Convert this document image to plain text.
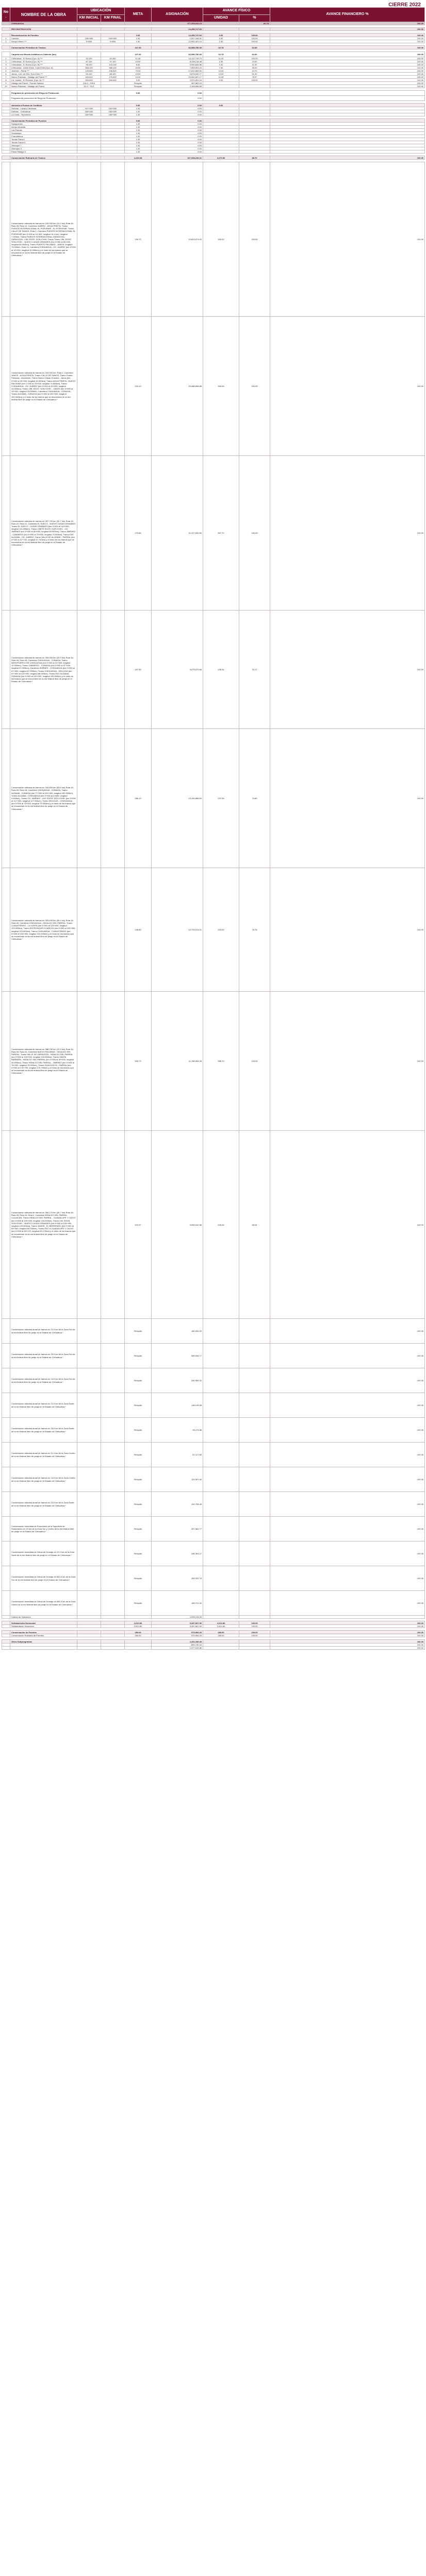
CIERRE 2022
No.	NOMBRE DE LA OBRA	UBICACIÓN		META	ASIGNACIÓN	AVANCE FÍSICO		AVANCE FINANCIERO %
		KM INICIAL	KM FINAL			UNIDAD	%	
	CHIHUAHUA				377,055,044.15		89.78	100.00

	RECONSTRUCCIÓN				14,459,747.60			100.00

	Reconstrucción de Puentes			2.00	14,459,747.60	2.00	100.00	100.00
1	Carichic	199+000	199+000	1.00	1,507,346.51	1.00	100.00	100.00
2	Arroyo Hierro ***	9+800	9+800	1.00	12,952,401.10	1.00	100.00	100.00

	Conservación Periódica de Tramos			107.40	82,989,780.39	62.78	64.40	100.00

	Carpeta con Mezcla Asfáltica en Caliente (km)			107.40	82,989,780.39	62.78	64.40	100.00
1	Chihuahua - El Sueco (Cpo. A) ***	32.100	40.400	11.40	14,112,749.73	11.40	100.00	100.00
2	Chihuahua - El Sueco (Cpo. B) ***	87.100	97.100	10.00	8,438,218.48	2.30	23.00	100.00
3	Chihuahua - El Sueco (Cpo. B) ***	98.100	103.100	8.00	3,990,849.88	1.00	11.00	100.00
4	Chihuahua - Limite Edos. Coah/Chih (Cpo. A)	368.100	388.100	20.00	7,658,603.23	7.00	35.00	100.00
5	Jiménez - Parral ***	125.500	198.500	73.00	17,812,869.50	10.00	13.70	100.00
6	Janos - Lim. de Edo. Son./Chih.***	69.100	88.100	19.50	5,878,830.77	10.00	51.30	100.00
7	Nuevo Palomas - Hidalgo del Parral ***	163.000	175.000	10.00	20,062,897.17	11.08	78.97	100.00
8	Cd. Juárez - El Porvenir (Cpo. A) ***	269.000	269.000	9.00	2,971,601.24	9.00	100.00	100.00
9	Hidalgo del Parral - Puente Salomé	218.0 - 209.0		Finiquito	987,883.23			100.00
10	Nuevo Palomas - Hidalgo del Parral	61.0 - 76.0		Finiquito	2,165,896.85			100.00

	Programa de prevención de Riego de Protección			0.00	0.00			
	Programa de prevención de Riego de Protección				0.00			

	Atención a Puntos de Conflicto			0.00	0.00	0.00		
	Delicias - Lázaro Cárdenas	107+000	152+000	1.00	0.00			
	Delicias - Chihuahua	165+000	165+000	1.00	0.00			
	La Junta - Yepomera	165+000	165+000	1.00	0.00			

	Conservación Periódica de Puentes			9.00	0.00			
	Salsipuedes			1.00	0.00			
	Arroyo Alcaldía			1.00	0.00			
	Las Palmas			1.00	0.00			
	Guadalupe			1.00	0.00			
	Cuauhtémoc			1.00	0.00			
	Tomas Garza I			1.00	0.00			
	Tomas Garza II			1.00	0.00			
	Obenque I			1.00	0.00			
	Obenque II			1.00	0.00			
	Palos Hidalgo II			1.00	0.00			

	Conservación Rutinaria de Tramos			2,220.08	107,058,236.01	2,270.50	88.70	100.00

	Conservación rutinaria de tramos en 100.000 km (12.0 km) Ruta 16; Ruta 45; Ruta 12, Carretera JUÁREZ - AGUA PRIETA, Tramo PUENTE INTERNACIONAL EL PORVENIR - EL PORVENIR, Tramo CALLE DE SANOS; Ruta 2, Carretera PUENTE INTERNACIONAL EL PORVENIR (km 0+000 al 14+400, longitud 14.4 km), longitud 7.000km, Tramo PUENTE INTERNACIONAL ZARAGOZA, ZARAGOZA - LÍM. EDOS. SON./CHIH. Tramo Tramo LÍM. EDOS. SON./CHIH. - NUEVO CASAS GRANDES (km 0+000 al 80+000, longitud 80.000km), Tramo PUERTO PALOMAS - JANOS, longitud 79.000km. Ruta 10, Carretera CHIHUAHUA - CD. JUAREZ (km 0+000 al 10+000, longitud 10.000km) y el resto de los tramos que se encuentran en la red federal libre de peaje en el Estado de Chihuahua.*			155.70	10,603,879.00	300.00	100.00	100.00
	Conservación rutinaria de tramos en 310.000 km; Ruta 2, Carretera JANOS - AGUA PRIETA, Tramo CALLE DE SANOS, Tramo Puerto Palomas - Ascensión, Tramo Nuevo Casas Grandes - Janos (km 0+000 al 40+000, longitud 40.000km), Tramo AGUA PRIETA - NUEVO PALOMAS (km 1+200 al 76+000, longitud 74.800km), Tramo CHIHUAHUA - CD. JUÁREZ (km 0+000 al 43+000, longitud 43.000km), Tramo LÍM. EDOS. SON./CHIH. - JANOS (km 0+000 al 15+000, longitud 15.000km), Carretera CHIHUAHUA - OJINAGA, Tramo ALDAMA - OJINAGA (km 0+000 al 151+000, longitud 151.000km) y el resto de los tramos que se encuentran en la red federal libre de peaje en el Estado de Chihuahua.*			220.10	20,488,698.88	300.00	100.00	100.00
	Conservación rutinaria de tramos en 307.700 km (32.7 km) Ruta 16; Ruta 10; Ruta 12, Carretera EL SUECO - NUEVO CASAS GRANDES, Tramo EL SUECO - CASAS GRANDES (km 0+000 al 110+000, longitud 110.000km), Tramo LÍMITE EDOS. DUR./CHIH. - CD. JIMÉNEZ (km 0+000 al 80+000, longitud 80.000km), Tramo JIMÉNEZ - CAMARGO (km 0+000 al 70+000, longitud 70.000km), Tramo ENT. ALDAMA - CD. JUÁREZ, Tramo VALLE DE ALLENDE - PARRAL (km 0+000 al 47+700, longitud 47.700km) y el resto de los tramos que se encuentran en la red federal libre de peaje en el Estado de Chihuahua.*			270.66	11,227,630.50	307.70	100.00	100.00
	Conservación rutinaria de tramos en 300.000 km (22.0 km) Ruta 16; Ruta 45; Ruta 49, Carretera CHIHUAHUA - OJINAGA, Tramo AEROPUERTO DE CHIHUAHUA (km 0+000 al 10+000, longitud 10.000km), Tramo CAMARGO - OJINAGA (km 0+000 al 57+000, longitud 57.000km), Carretera JIMÉNEZ - CHIHUAHUA (km 0+000 al 67+000, longitud 67.000km), Tramo CHIHUAHUA - DELICIAS (km 67+000 al 133+000, longitud 66.000km), Tramo ENT. ALDAMA - OJINAGA (km 0+000 al 100+000, longitud 100.000km) y el resto de los tramos que se encuentran en la red federal libre de peaje en el Estado de Chihuahua.*			187.50	9,675,079.66	236.34	75.17	100.00
	Conservación rutinaria de tramos en 344.600 km (53.6 km) Ruta 16; Ruta 45; Ruta 16, Carretera CHIHUAHUA - OJINAGA, Tramo ALDAMA - OJINAGA (km 77+000 al 229+000, longitud 152.000km), Tramo ALDAMA - CHIHUAHUA (km 0+000 al 0+600, longitud 0.600km), Tramo CD. JIMÉNEZ - LIM. EDOS. DGO./CHIH. (km 0+000 al 117+000, longitud 117.000km), Tramo DELICIAS - CHIHUAHUA (km 0+000 al 75+000, longitud 75.000km) y el resto de los tramos que se encuentran en la red federal libre de peaje en el Estado de Chihuahua.*			286.10	13,194,886.84	237.00	74.69	100.00
	Conservación rutinaria de tramos en 329.400 km (55.4 km) Ruta 16; Ruta 45, Carretera CHIHUAHUA - HIDALGO DEL PARRAL, Tramo CUAUHTÉMOC - LA JUNTA (km 0+000 al 123+000, longitud 123.000km), Tramo ENTRONQUE A CARICHI (km 0+000 al 103+000, longitud 103.000km), Tramo CHIHUAHUA - CUAUHTÉMOC (km 0+000 al 103+400, longitud 103.400km) y el resto de los tramos que se encuentran en la red federal libre de peaje en el Estado de Chihuahua.*			246.60	13,703,513.01	229.00	78.78	100.00
	Conservación rutinaria de tramos en 388.790 km (12.4 km) Ruta 16; Ruta 45; Ruta 24, Carretera NUEVO PALOMAS - HIDALGO DEL PARRAL, Tramo VALLE DE ZARAGOZA - HIDALGO DEL PARRAL (km 0+000 al 103+000, longitud 103.000km), Tramo SANTA BÁRBARA - HIDALGO DEL PARRAL (km 0+000 al 30+000, longitud 30.000km), Tramo HIDALGO DEL PARRAL - JIMÉNEZ (km 0+000 al 76+000, longitud 76.000km), Tramo GUACHOCHI - PARRAL (km 0+000 al 179+790, longitud 179.790km) y el resto de los tramos que se encuentran en la red federal libre de peaje en el Estado de Chihuahua.*			309.73	11,198,984.26	388.70	100.00	100.00
	Conservación rutinaria de tramos en 364.170 km (35.7 km) Ruta 16; Ruta 45; Ruta 24; Ruta 2, Carretera HIDALGO DEL PARRAL - CULIACÁN, Tramo HIDALGO DEL PARRAL - GUADALUPE Y CALVO (km 0+000 al 120+000, longitud 120.000km), Tramo LÍM. EDOS. SON./CHIH. - NUEVO CASAS GRANDES (km 0+000 al 125+000, longitud 125.000km), Tramo JANOS - EL BERRENDO (km 0+000 al 60+000, longitud 60.000km), Tramo ENT. A GUADALUPE Y CALVO (km 0+000 al 59+170, longitud 59.170km) y el resto de los tramos que se encuentran en la red federal libre de peaje en el Estado de Chihuahua.*			323.97	9,900,310.98	245.26	66.04	100.00
	Conservación rutinaria anual de tramos en 12.0 km de la Zona Sur de la red federal libre de peaje en el Estado de Chihuahua.*			Finiquito	160,000.09			100.00
	Conservación rutinaria anual de tramos en 15.0 km de la Zona Sur de la red federal libre de peaje en el Estado de Chihuahua.*			Finiquito	589,946.77			100.00
	Conservación rutinaria anual de tramos en 14.0 km de la Zona Sur de la red federal libre de peaje en el Estado de Chihuahua.*			Finiquito	330,959.32			100.00
	Conservación rutinaria anual de tramos en 12.0 km de la Zona Norte de la red federal libre de peaje en el Estado de Chihuahua.*			Finiquito	136,130.08			100.00
	Conservación rutinaria anual de tramos en 18.0 km de la Zona Norte de la red federal libre de peaje en el Estado de Chihuahua.*			Finiquito	95,274.86			100.00
	Conservación rutinaria anual de tramos en 11.0 km de la Zona Centro de la red federal libre de peaje en el Estado de Chihuahua.*			Finiquito	87,417.65			100.00
	Conservación rutinaria anual de tramos en 14.0 km de la Zona Centro de la red federal libre de peaje en el Estado de Chihuahua.*			Finiquito	124,597.46			100.00
	Conservación rutinaria anual de tramos en 13.0 km de la Zona Norte de la red federal libre de peaje en el Estado de Chihuahua.*			Finiquito	192,798.28			100.00
	Conservación Inmediata de Fracciones de la Superficie de Rodamiento en 20 km de la Zona Sur y Centro de la red federal libre de peaje en el Estado de Chihuahua.*			Finiquito	397,682.77			100.00
	Conservación Inmediata de Obras de Drenaje en 20.0 km de la Zona Norte de la red federal libre de peaje en el Estado de Chihuahua.*			Finiquito	296,364.27			100.00
	Conservación Inmediata de Obras de Drenaje en 562.0 km de la Zona Sur de la red federal libre de peaje en el Estado de Chihuahua.*			Finiquito	282,022.78			100.00
	Conservación Inmediata de Obras de Drenaje en 480.3 km de la Zona Centro de la red federal libre de peaje en el Estado de Chihuahua.*			Finiquito	165,722.34			100.00
	Gastos de Operación				2,039,134.09			

	Señalamiento Horizontal			2,610.80	9,287,667.90	2,610.80	100.00	100.00
	Señalamiento Horizontal			2,610.80	9,287,667.90	2,610.80	100.00	100.00

	Conservación de Puentes			280.00	973,906.26	280.00	100.00	100.00
	Conservación Rutinaria de Puentes			280.00	973,906.26	280.00	100.00	100.00

	Otros Subprogramas				2,431,346.28			100.00
					853,730.42			100.00
					1,577,615.86			100.00
